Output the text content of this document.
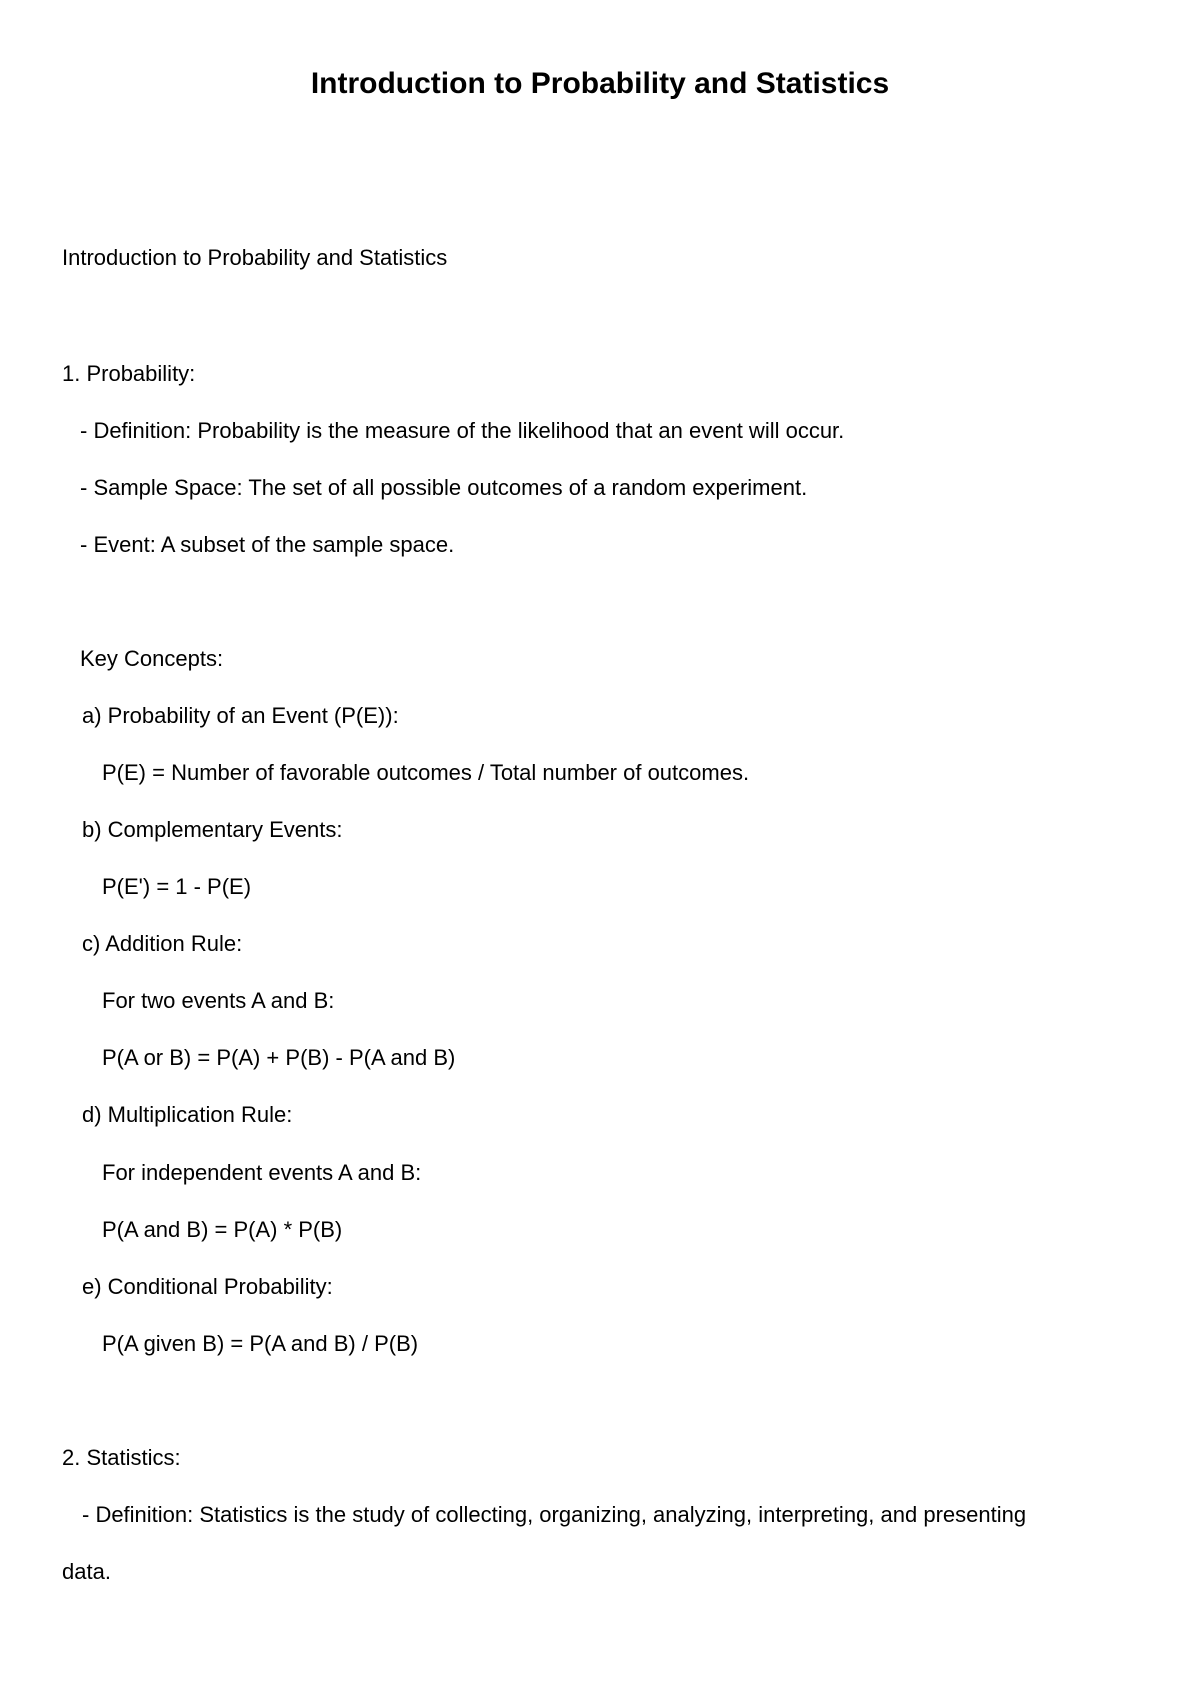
Introduction to Probability and Statistics
Introduction to Probability and Statistics
1. Probability:
- Definition: Probability is the measure of the likelihood that an event will occur.
- Sample Space: The set of all possible outcomes of a random experiment.
- Event: A subset of the sample space.
Key Concepts:
a) Probability of an Event (P(E)):
P(E) = Number of favorable outcomes / Total number of outcomes.
b) Complementary Events:
P(E') = 1 - P(E)
c) Addition Rule:
For two events A and B:
P(A or B) = P(A) + P(B) - P(A and B)
d) Multiplication Rule:
For independent events A and B:
P(A and B) = P(A) * P(B)
e) Conditional Probability:
P(A given B) = P(A and B) / P(B)
2. Statistics:
- Definition: Statistics is the study of collecting, organizing, analyzing, interpreting, and presenting
data.
